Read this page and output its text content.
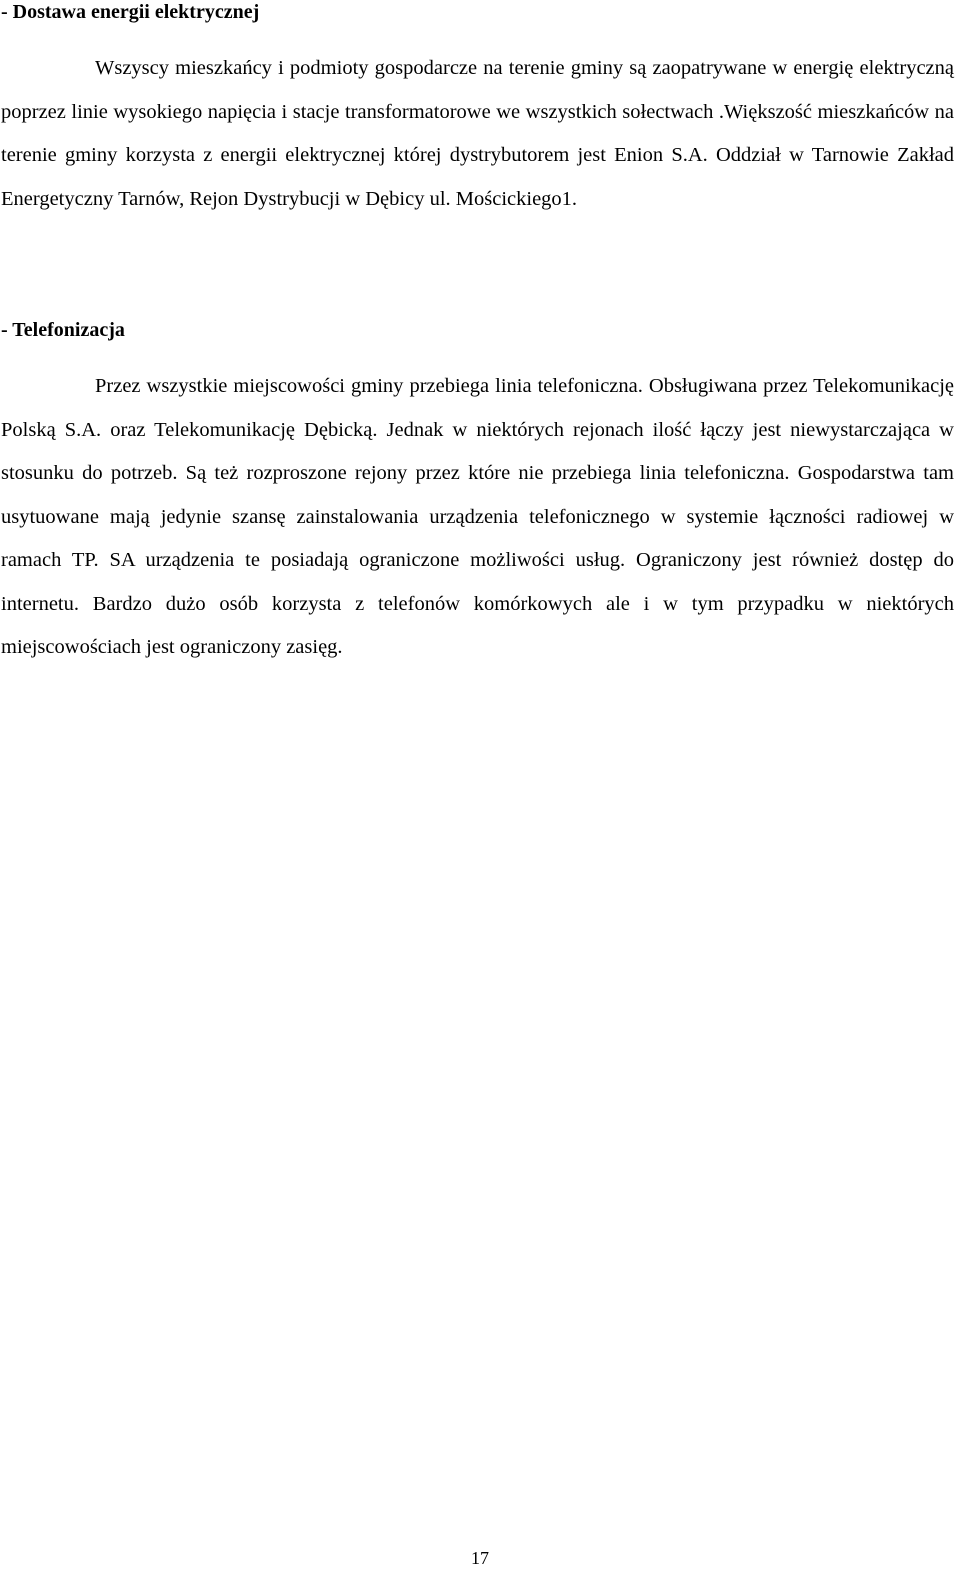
- Dostawa energii elektrycznej

Wszyscy mieszkańcy i podmioty gospodarcze na terenie gminy są zaopatrywane w energię elektryczną poprzez linie wysokiego napięcia i stacje transformatorowe we wszystkich sołectwach .Większość mieszkańców na terenie gminy korzysta z energii elektrycznej której dystrybutorem jest Enion S.A. Oddział w Tarnowie Zakład Energetyczny Tarnów, Rejon Dystrybucji w Dębicy ul. Mościckiego1.

- Telefonizacja

Przez wszystkie miejscowości gminy przebiega linia telefoniczna. Obsługiwana przez Telekomunikację Polską S.A. oraz Telekomunikację Dębicką. Jednak w niektórych rejonach ilość łączy jest niewystarczająca w stosunku do potrzeb. Są też rozproszone rejony przez które nie przebiega linia telefoniczna. Gospodarstwa tam usytuowane mają jedynie szansę zainstalowania urządzenia telefonicznego w systemie łączności radiowej w ramach TP. SA urządzenia te posiadają ograniczone możliwości usług. Ograniczony jest również dostęp do internetu. Bardzo dużo osób korzysta z telefonów komórkowych ale i w tym przypadku w niektórych miejscowościach jest ograniczony zasięg.

17
